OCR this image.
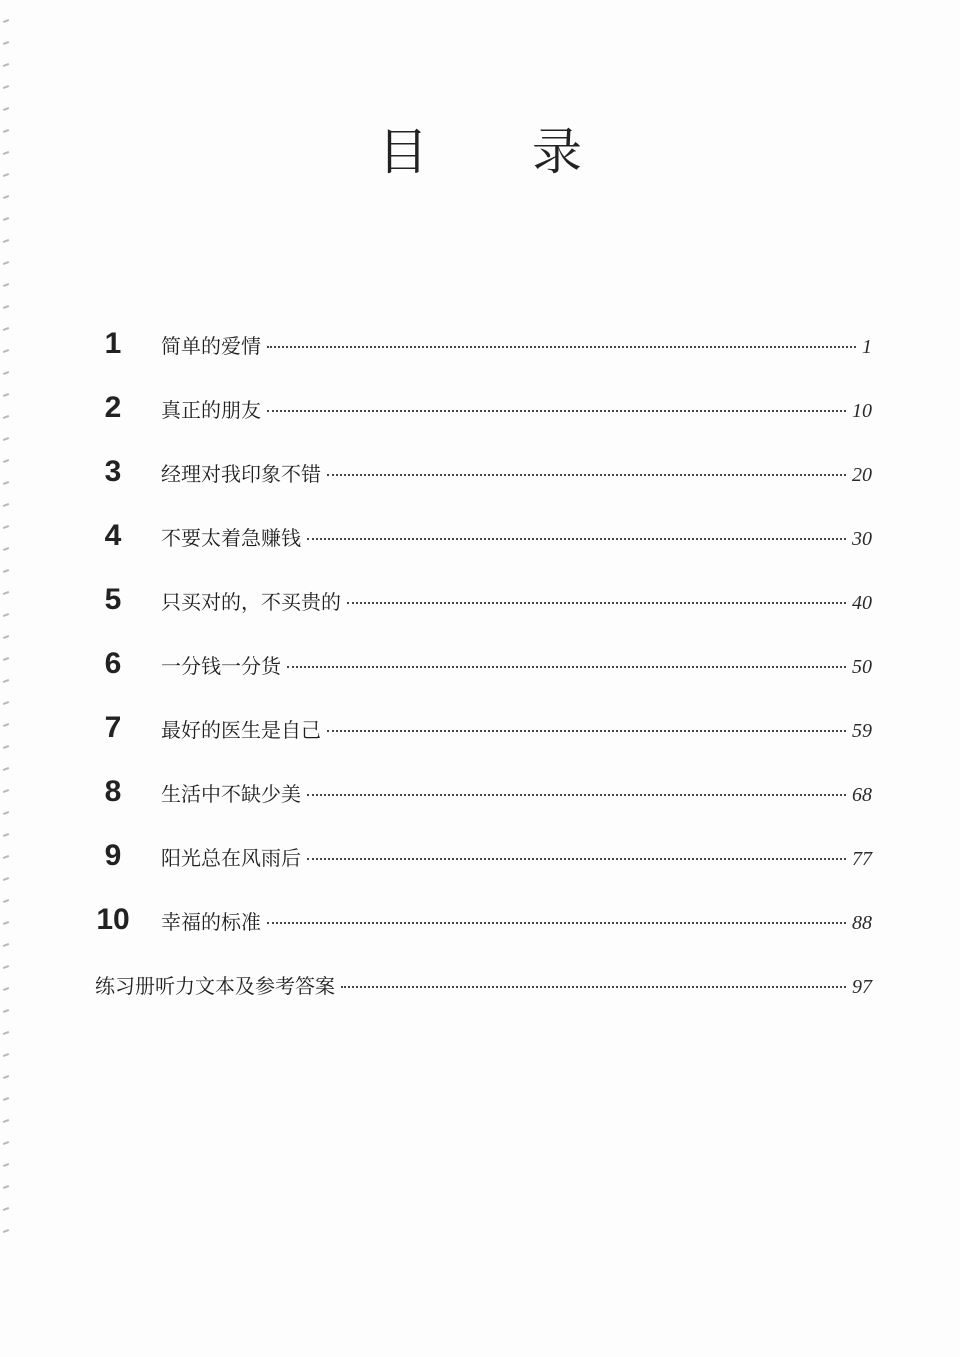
目 录
1	简单的爱情	1
2	真正的朋友	10
3	经理对我印象不错	20
4	不要太着急赚钱	30
5	只买对的，不买贵的	40
6	一分钱一分货	50
7	最好的医生是自己	59
8	生活中不缺少美	68
9	阳光总在风雨后	77
10 幸福的标准	88
练习册听力文本及参考答案	97
